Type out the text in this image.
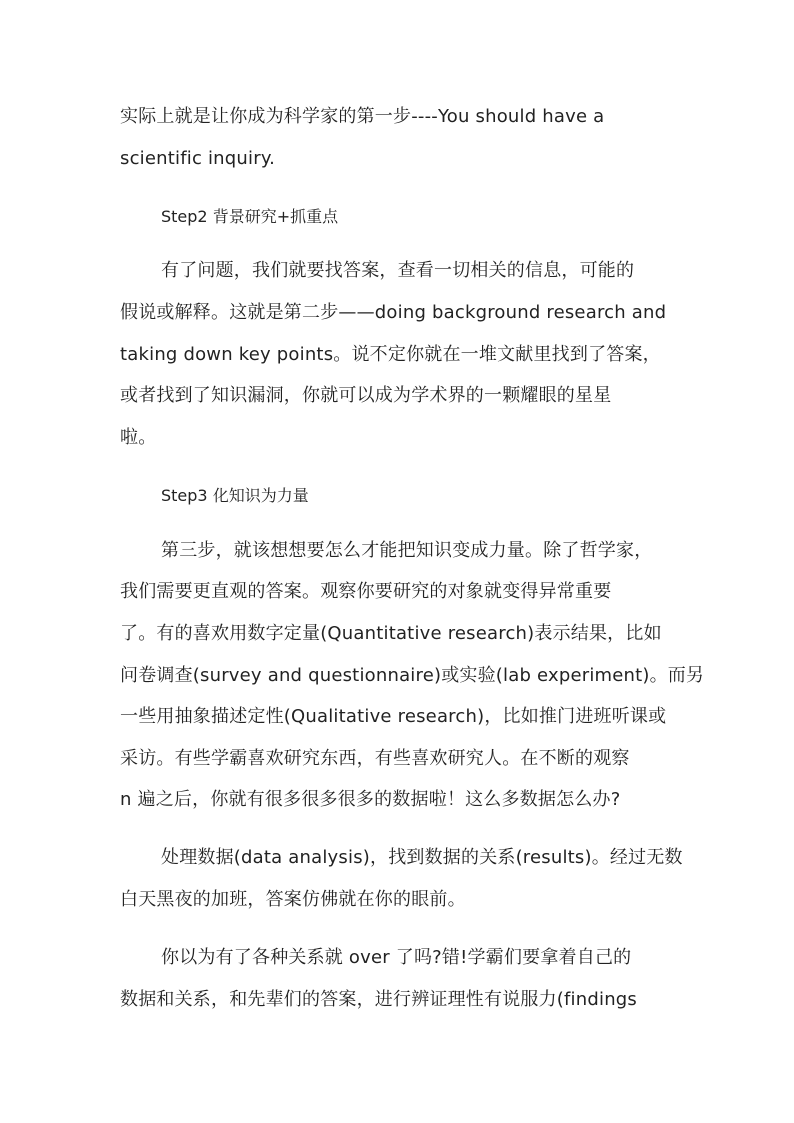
实际上就是让你成为科学家的第一步----You should have a
scientific inquiry.
Step2 背景研究+抓重点
有了问题，我们就要找答案，查看一切相关的信息，可能的
假说或解释。这就是第二步——doing background research and
taking down key points。说不定你就在一堆文献里找到了答案，
或者找到了知识漏洞，你就可以成为学术界的一颗耀眼的星星
啦。
Step3 化知识为力量
第三步，就该想想要怎么才能把知识变成力量。除了哲学家，
我们需要更直观的答案。观察你要研究的对象就变得异常重要
了。有的喜欢用数字定量(Quantitative research)表示结果，比如
问卷调查(survey and questionnaire)或实验(lab experiment)。而另
一些用抽象描述定性(Qualitative research)，比如推门进班听课或
采访。有些学霸喜欢研究东西，有些喜欢研究人。在不断的观察
n 遍之后，你就有很多很多很多的数据啦！这么多数据怎么办?
处理数据(data analysis)，找到数据的关系(results)。经过无数
白天黑夜的加班，答案仿佛就在你的眼前。
你以为有了各种关系就 over 了吗?错!学霸们要拿着自己的
数据和关系，和先辈们的答案，进行辨证理性有说服力(findings
